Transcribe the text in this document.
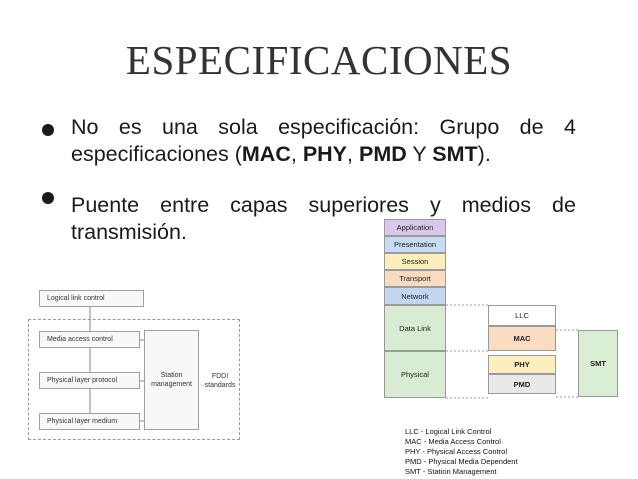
ESPECIFICACIONES
No es una sola especificación: Grupo de 4
especificaciones (MAC, PHY, PMD Y SMT).
Puente entre capas superiores y medios de
transmisión.
Logical link control
Media access control
Physical layer protocol
Physical layer medium
Station
management
FDDI
standards
Application
Presentation
Session
Transport
Network
Data Link
Physical
LLC
MAC
PHY
PMD
SMT
LLC - Logical Link Control
MAC - Media Access Control
PHY - Physical Access Control
PMD - Physical Media Dependent
SMT - Station Management
